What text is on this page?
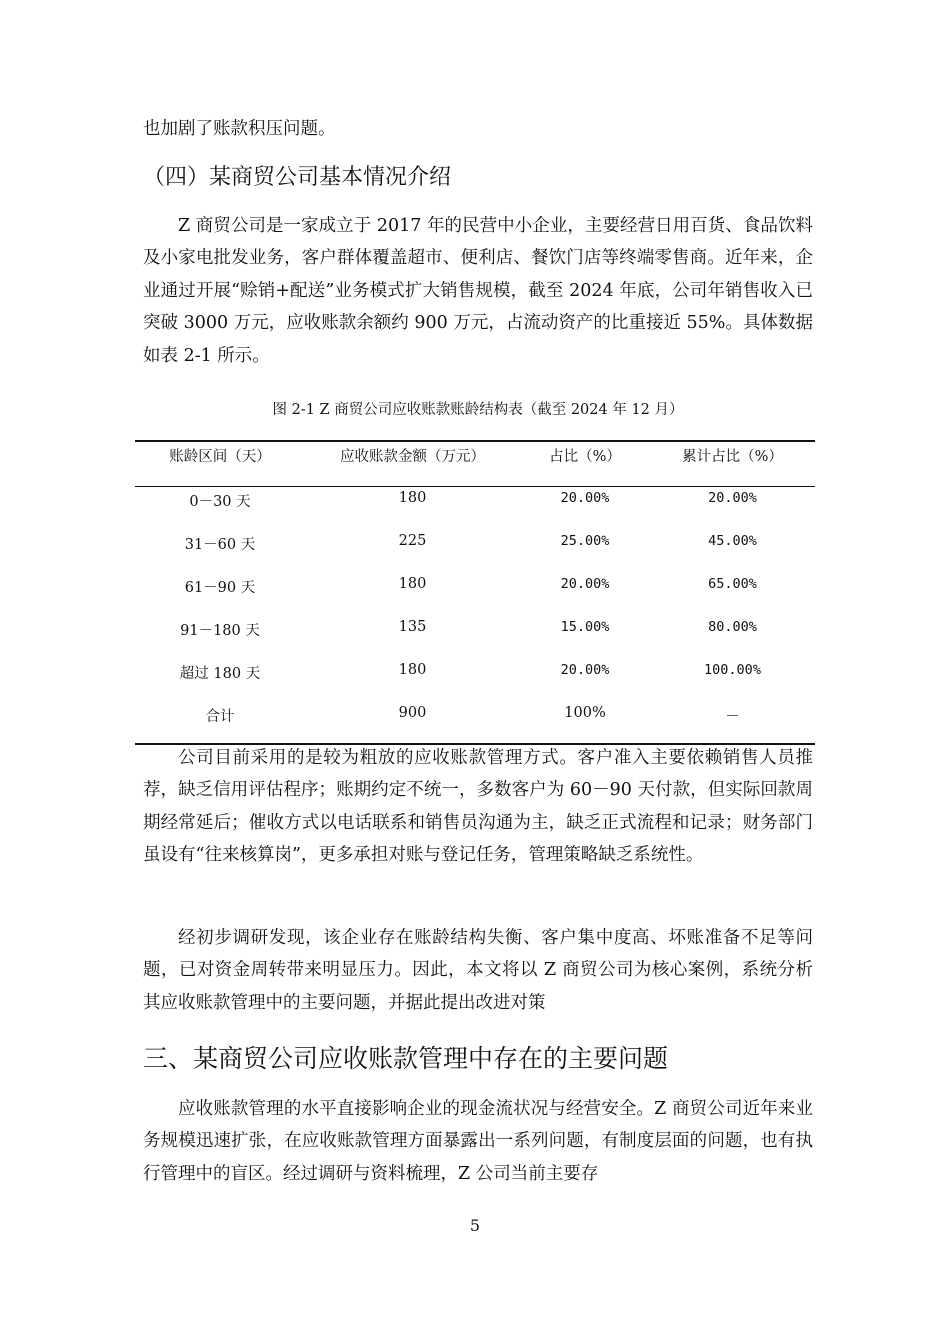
也加剧了账款积压问题。

（四）某商贸公司基本情况介绍

Z 商贸公司是一家成立于 2017 年的民营中小企业，主要经营日用百货、食品饮料及小家电批发业务，客户群体覆盖超市、便利店、餐饮门店等终端零售商。近年来，企业通过开展“赊销+配送”业务模式扩大销售规模，截至 2024 年底，公司年销售收入已突破 3000 万元，应收账款余额约 900 万元，占流动资产的比重接近 55%。具体数据如表 2-1 所示。

图 2-1 Z 商贸公司应收账款账龄结构表（截至 2024 年 12 月）
账龄区间（天）	应收账款金额（万元）	占比（%）	累计占比（%）
0－30 天	180	20.00%	20.00%
31－60 天	225	25.00%	45.00%
61－90 天	180	20.00%	65.00%
91－180 天	135	15.00%	80.00%
超过 180 天	180	20.00%	100.00%
合计	900	100%	－

公司目前采用的是较为粗放的应收账款管理方式。客户准入主要依赖销售人员推荐，缺乏信用评估程序；账期约定不统一，多数客户为 60－90 天付款，但实际回款周期经常延后；催收方式以电话联系和销售员沟通为主，缺乏正式流程和记录；财务部门虽设有“往来核算岗”，更多承担对账与登记任务，管理策略缺乏系统性。

经初步调研发现，该企业存在账龄结构失衡、客户集中度高、坏账准备不足等问题，已对资金周转带来明显压力。因此，本文将以 Z 商贸公司为核心案例，系统分析其应收账款管理中的主要问题，并据此提出改进对策

三、某商贸公司应收账款管理中存在的主要问题

应收账款管理的水平直接影响企业的现金流状况与经营安全。Z 商贸公司近年来业务规模迅速扩张，在应收账款管理方面暴露出一系列问题，有制度层面的问题，也有执行管理中的盲区。经过调研与资料梳理，Z 公司当前主要存

5
